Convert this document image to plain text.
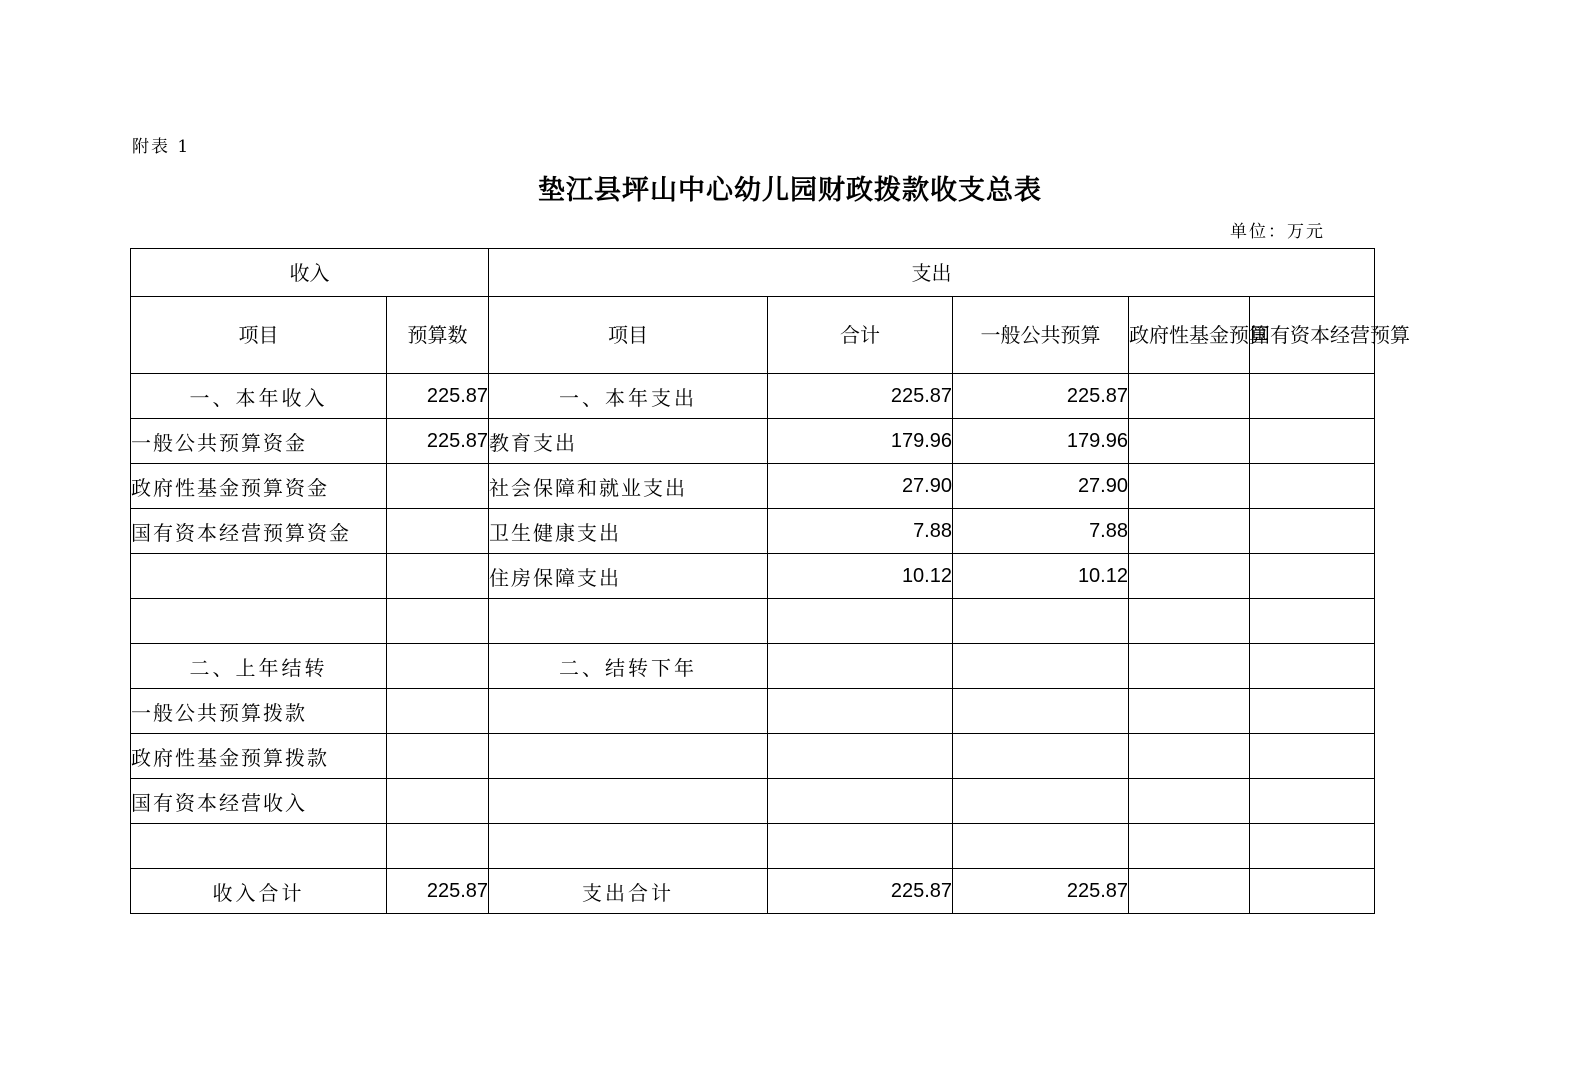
附表 1
垫江县坪山中心幼儿园财政拨款收支总表
单位：万元
收入		支出				
项目	预算数	项目	合计	一般公共预算	政府性基金预算	国有资本经营预算
一、本年收入	225.87	一、本年支出	225.87	225.87		
一般公共预算资金	225.87	教育支出	179.96	179.96		
政府性基金预算资金		社会保障和就业支出	27.90	27.90		
国有资本经营预算资金		卫生健康支出	7.88	7.88		
		住房保障支出	10.12	10.12		

二、上年结转		二、结转下年				
一般公共预算拨款						
政府性基金预算拨款						
国有资本经营收入						

收入合计	225.87	支出合计	225.87	225.87		
